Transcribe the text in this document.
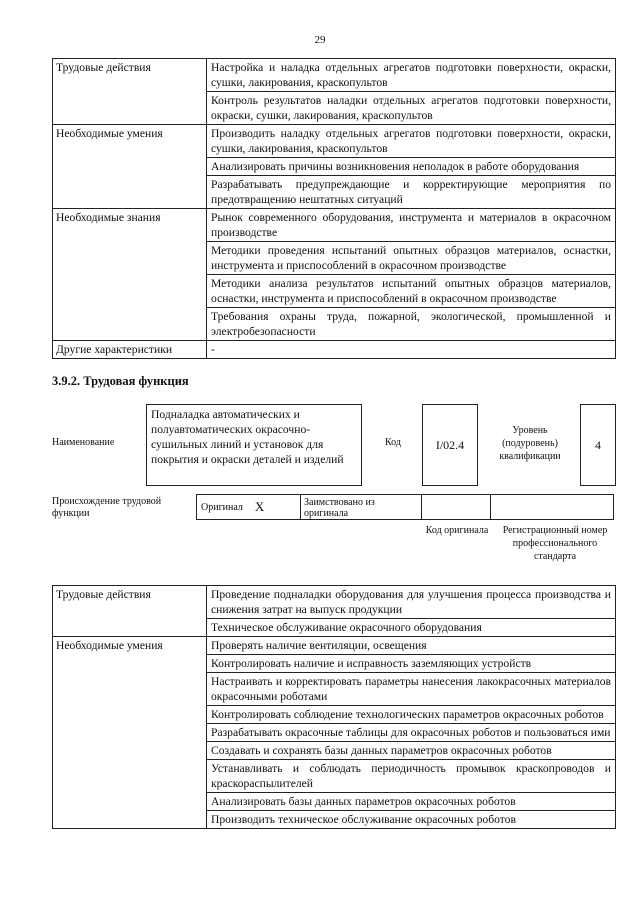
29
Трудовые действия	Настройка и наладка отдельных агрегатов подготовки поверхности, окраски, сушки, лакирования, краскопультов
	Контроль результатов наладки отдельных агрегатов подготовки поверхности, окраски, сушки, лакирования, краскопультов
Необходимые умения	Производить наладку отдельных агрегатов подготовки поверхности, окраски, сушки, лакирования, краскопультов
	Анализировать причины возникновения неполадок в работе оборудования
	Разрабатывать предупреждающие и корректирующие мероприятия по предотвращению нештатных ситуаций
Необходимые знания	Рынок современного оборудования, инструмента и материалов в окрасочном производстве
	Методики проведения испытаний опытных образцов материалов, оснастки, инструмента и приспособлений в окрасочном производстве
	Методики анализа результатов испытаний опытных образцов материалов, оснастки, инструмента и приспособлений в окрасочном производстве
	Требования охраны труда, пожарной, экологической, промышленной и электробезопасности
Другие характеристики	-
3.9.2. Трудовая функция
Наименование
Подналадка автоматических и полуавтоматических окрасочно-сушильных линий и установок для покрытия и окраски деталей и изделий
Код	I/02.4
Уровень (подуровень) квалификации
4
Происхождение трудовой функции
Оригинал X	Заимствовано из оригинала
Код оригинала	Регистрационный номер профессионального стандарта
Трудовые действия	Проведение подналадки оборудования для улучшения процесса производства и снижения затрат на выпуск продукции
	Техническое обслуживание окрасочного оборудования
Необходимые умения	Проверять наличие вентиляции, освещения
	Контролировать наличие и исправность заземляющих устройств
	Настраивать и корректировать параметры нанесения лакокрасочных материалов окрасочными роботами
	Контролировать соблюдение технологических параметров окрасочных роботов
	Разрабатывать окрасочные таблицы для окрасочных роботов и пользоваться ими
	Создавать и сохранять базы данных параметров окрасочных роботов
	Устанавливать и соблюдать периодичность промывок краскопроводов и краскораспылителей
	Анализировать базы данных параметров окрасочных роботов
	Производить техническое обслуживание окрасочных роботов
